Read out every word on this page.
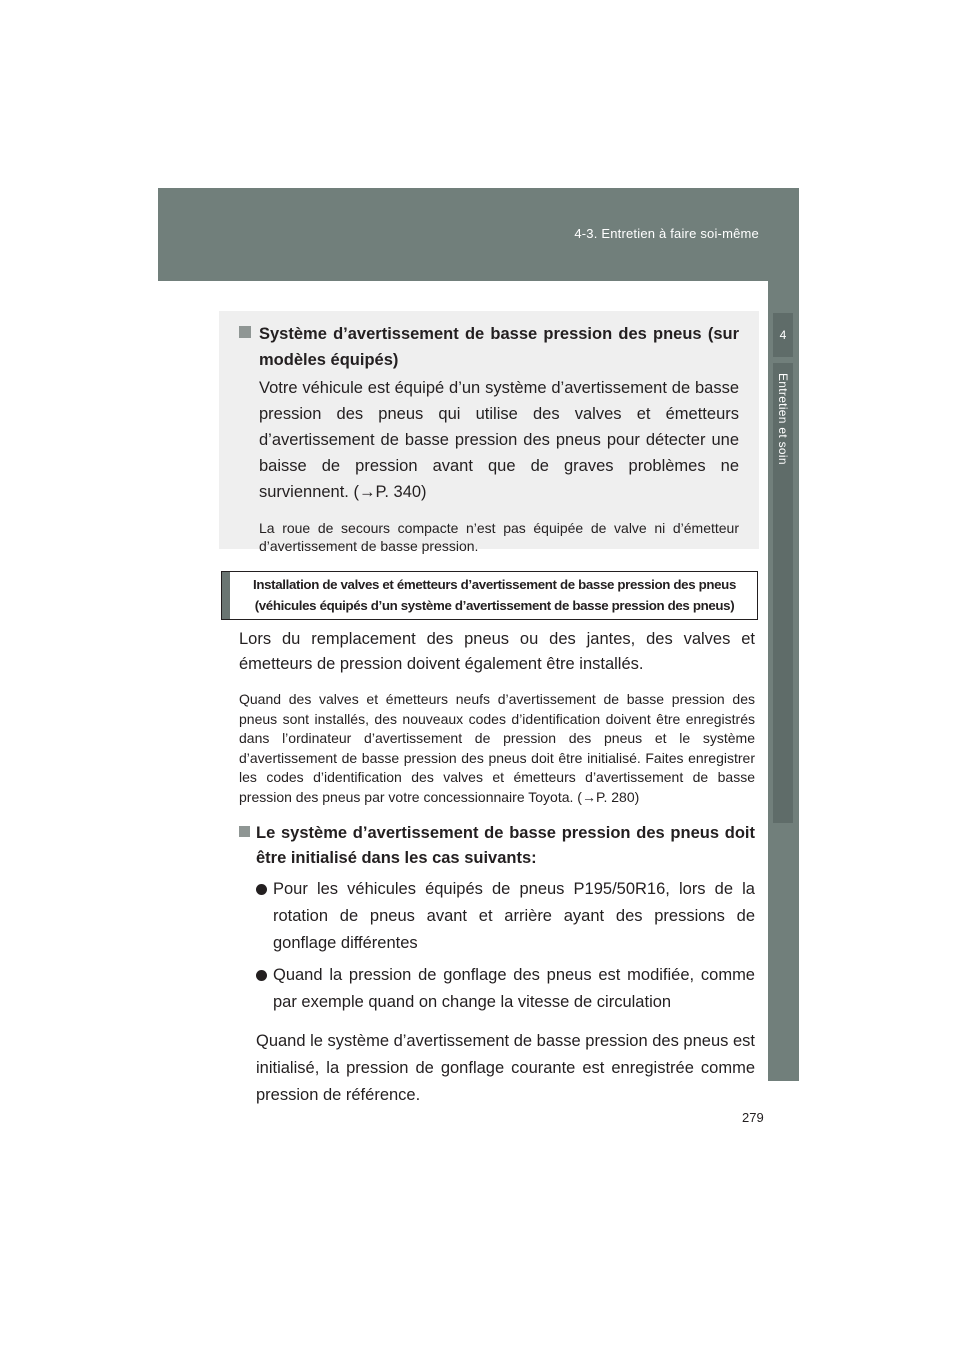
4-3. Entretien à faire soi-même
4
Entretien et soin

Système d’avertissement de basse pression des pneus (sur modèles équipés)

Votre véhicule est équipé d’un système d’avertissement de basse pression des pneus qui utilise des valves et émetteurs d’avertissement de basse pression des pneus pour détecter une baisse de pression avant que de graves problèmes ne surviennent. (→P. 340)

La roue de secours compacte n’est pas équipée de valve ni d’émetteur d’avertissement de basse pression.

Installation de valves et émetteurs d’avertissement de basse pression des pneus
(véhicules équipés d’un système d’avertissement de basse pression des pneus)

Lors du remplacement des pneus ou des jantes, des valves et émetteurs de pression doivent également être installés.

Quand des valves et émetteurs neufs d’avertissement de basse pression des pneus sont installés, des nouveaux codes d’identification doivent être enregistrés dans l’ordinateur d’avertissement de pression des pneus et le système d’avertissement de basse pression des pneus doit être initialisé. Faites enregistrer les codes d’identification des valves et émetteurs d’avertissement de basse pression des pneus par votre concessionnaire Toyota. (→P. 280)

Le système d’avertissement de basse pression des pneus doit être initialisé dans les cas suivants:

Pour les véhicules équipés de pneus P195/50R16, lors de la rotation de pneus avant et arrière ayant des pressions de gonflage différentes
Quand la pression de gonflage des pneus est modifiée, comme par exemple quand on change la vitesse de circulation

Quand le système d’avertissement de basse pression des pneus est initialisé, la pression de gonflage courante est enregistrée comme pression de référence.

279
